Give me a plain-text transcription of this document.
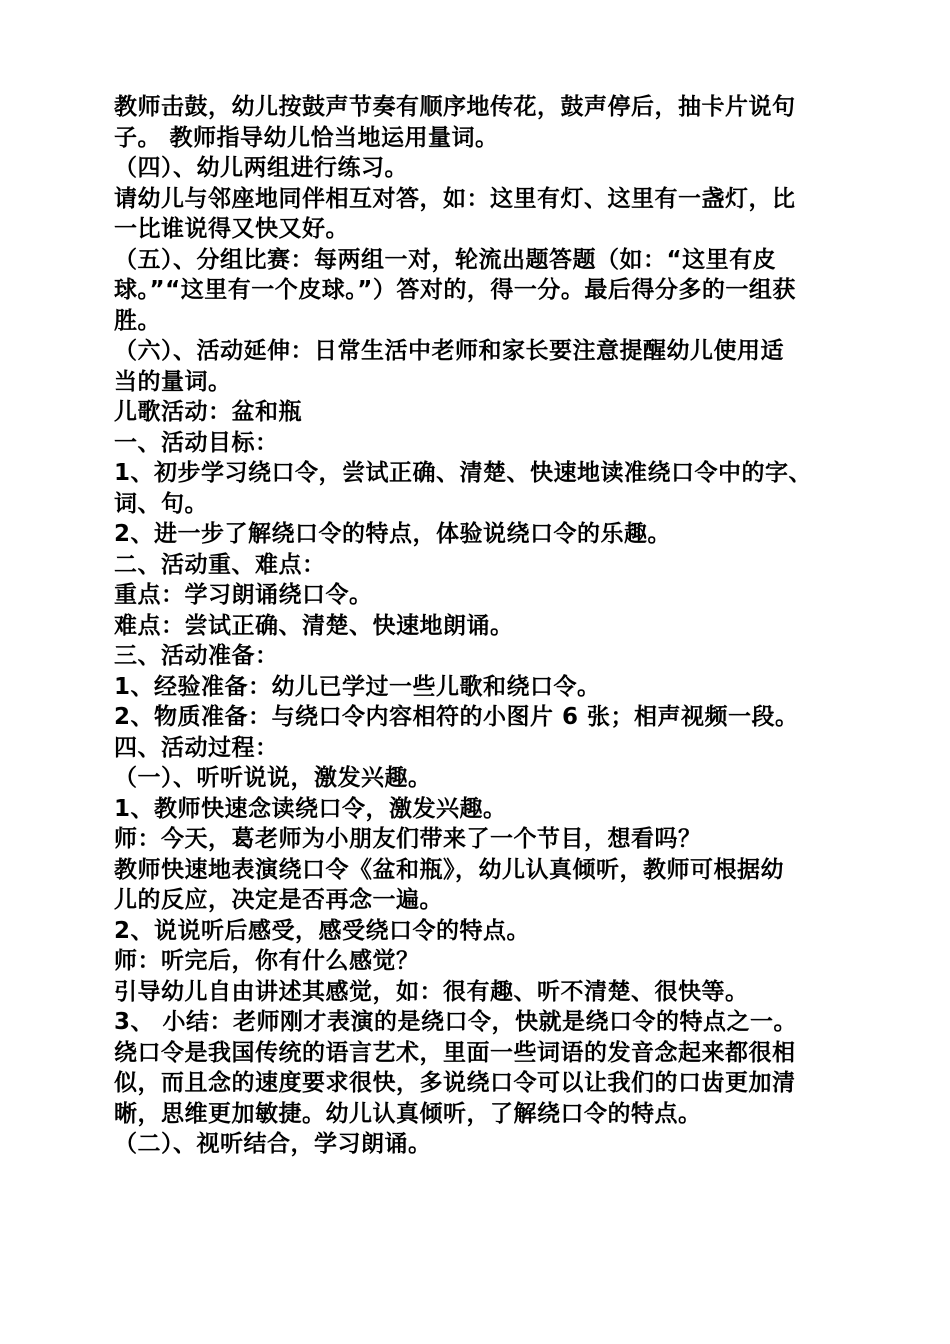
教师击鼓，幼儿按鼓声节奏有顺序地传花，鼓声停后，抽卡片说句
子。 教师指导幼儿恰当地运用量词。
（四）、幼儿两组进行练习。
请幼儿与邻座地同伴相互对答，如：这里有灯、这里有一盏灯，比
一比谁说得又快又好。
（五）、分组比赛：每两组一对，轮流出题答题（如：“这里有皮
球。”“这里有一个皮球。”）答对的，得一分。最后得分多的一组获
胜。
（六）、活动延伸：日常生活中老师和家长要注意提醒幼儿使用适
当的量词。
儿歌活动：盆和瓶
一、活动目标：
1、初步学习绕口令，尝试正确、清楚、快速地读准绕口令中的字、
词、句。
2、进一步了解绕口令的特点，体验说绕口令的乐趣。
二、活动重、难点：
重点：学习朗诵绕口令。
难点：尝试正确、清楚、快速地朗诵。
三、活动准备：
1、经验准备：幼儿已学过一些儿歌和绕口令。
2、物质准备：与绕口令内容相符的小图片 6 张；相声视频一段。
四、活动过程：
（一）、听听说说，激发兴趣。
1、教师快速念读绕口令，激发兴趣。
师：今天，葛老师为小朋友们带来了一个节目，想看吗？
教师快速地表演绕口令《盆和瓶》，幼儿认真倾听，教师可根据幼
儿的反应，决定是否再念一遍。
2、说说听后感受，感受绕口令的特点。
师：听完后，你有什么感觉？
引导幼儿自由讲述其感觉，如：很有趣、听不清楚、很快等。
3、 小结：老师刚才表演的是绕口令，快就是绕口令的特点之一。
绕口令是我国传统的语言艺术，里面一些词语的发音念起来都很相
似，而且念的速度要求很快，多说绕口令可以让我们的口齿更加清
晰，思维更加敏捷。幼儿认真倾听，了解绕口令的特点。
（二）、视听结合，学习朗诵。
